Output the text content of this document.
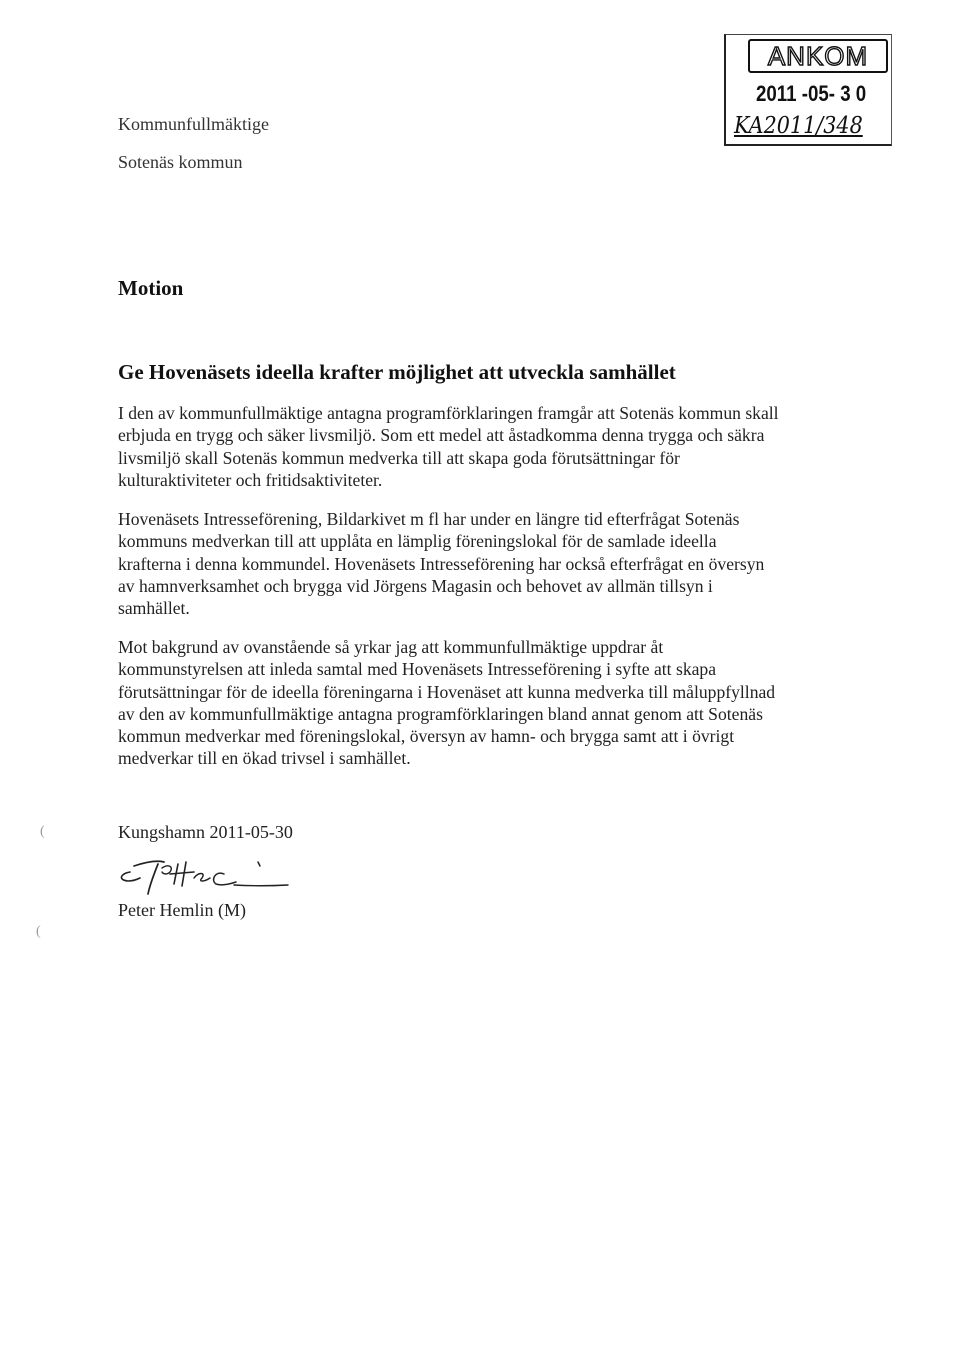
ANKOM
2011 -05- 3 0
KA2011/348
Kommunfullmäktige
Sotenäs kommun
Motion
Ge Hovenäsets ideella krafter möjlighet att utveckla samhället

I den av kommunfullmäktige antagna programförklaringen framgår att Sotenäs kommun skall

erbjuda en trygg och säker livsmiljö. Som ett medel att åstadkomma denna trygga och säkra

livsmiljö skall Sotenäs kommun medverka till att skapa goda förutsättningar för

kulturaktiviteter och fritidsaktiviteter.

Hovenäsets Intresseförening, Bildarkivet m fl har under en längre tid efterfrågat Sotenäs

kommuns medverkan till att upplåta en lämplig föreningslokal för de samlade ideella

krafterna i denna kommundel. Hovenäsets Intresseförening har också efterfrågat en översyn

av hamnverksamhet och brygga vid Jörgens Magasin och behovet av allmän tillsyn i

samhället.

Mot bakgrund av ovanstående så yrkar jag att kommunfullmäktige uppdrar åt

kommunstyrelsen att inleda samtal med Hovenäsets Intresseförening i syfte att skapa

förutsättningar för de ideella föreningarna i Hovenäset att kunna medverka till måluppfyllnad

av den av kommunfullmäktige antagna programförklaringen bland annat genom att Sotenäs

kommun medverkar med föreningslokal, översyn av hamn- och brygga samt att i övrigt

medverkar till en ökad trivsel i samhället.

Kungshamn 2011-05-30
Peter Hemlin (M)
(
(
